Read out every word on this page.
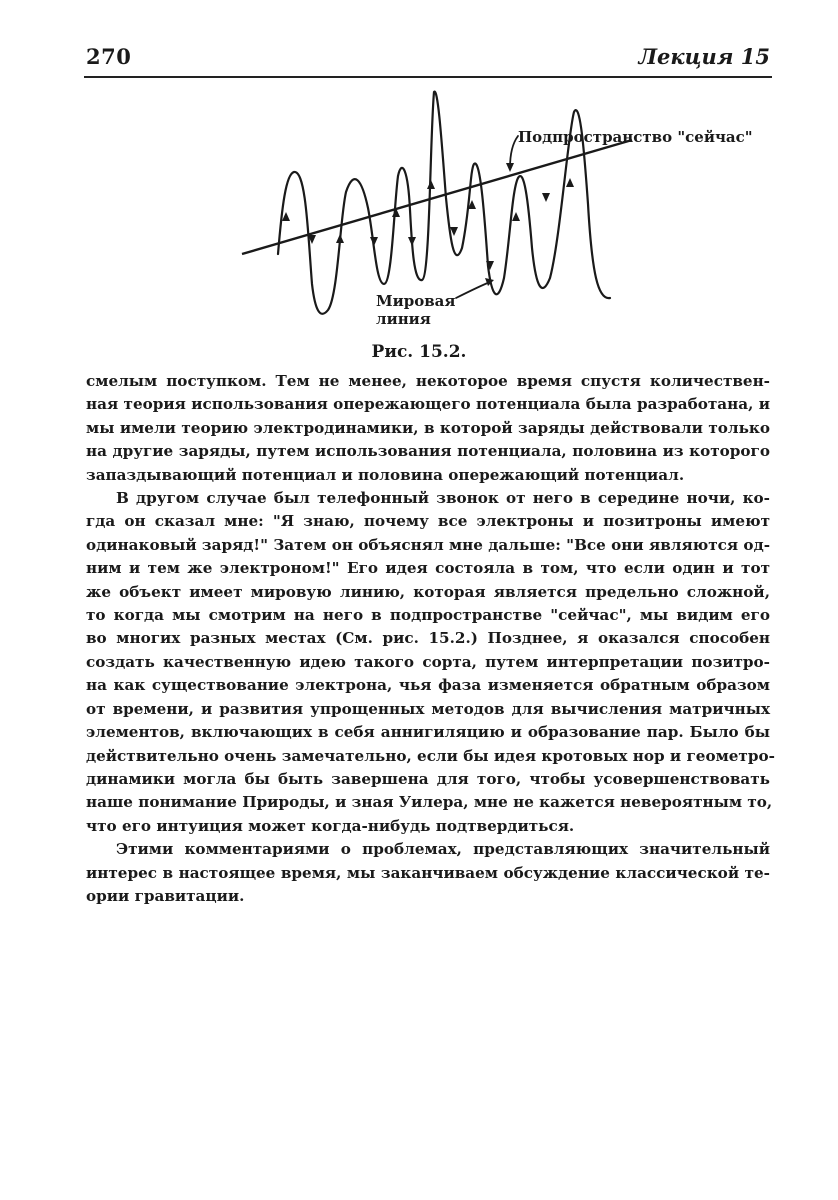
270	Лекция 15
Подпространство "сейчас"
Мировая
линия
Рис. 15.2.
смелым поступком. Тем не менее, некоторое время спустя количествен-
ная теория использования опережающего потенциала была разработана, и
мы имели теорию электродинамики, в которой заряды действовали только
на другие заряды, путем использования потенциала, половина из которого
запаздывающий потенциал и половина опережающий потенциал.
В другом случае был телефонный звонок от него в середине ночи, ко-
гда он сказал мне: "Я знаю, почему все электроны и позитроны имеют
одинаковый заряд!" Затем он объяснял мне дальше: "Все они являются од-
ним и тем же электроном!" Его идея состояла в том, что если один и тот
же объект имеет мировую линию, которая является предельно сложной,
то когда мы смотрим на него в подпространстве "сейчас", мы видим его
во многих разных местах (См. рис. 15.2.) Позднее, я оказался способен
создать качественную идею такого сорта, путем интерпретации позитро-
на как существование электрона, чья фаза изменяется обратным образом
от времени, и развития упрощенных методов для вычисления матричных
элементов, включающих в себя аннигиляцию и образование пар. Было бы
действительно очень замечательно, если бы идея кротовых нор и геометро-
динамики могла бы быть завершена для того, чтобы усовершенствовать
наше понимание Природы, и зная Уилера, мне не кажется невероятным то,
что его интуиция может когда-нибудь подтвердиться.
Этими комментариями о проблемах, представляющих значительный
интерес в настоящее время, мы заканчиваем обсуждение классической те-
ории гравитации.
